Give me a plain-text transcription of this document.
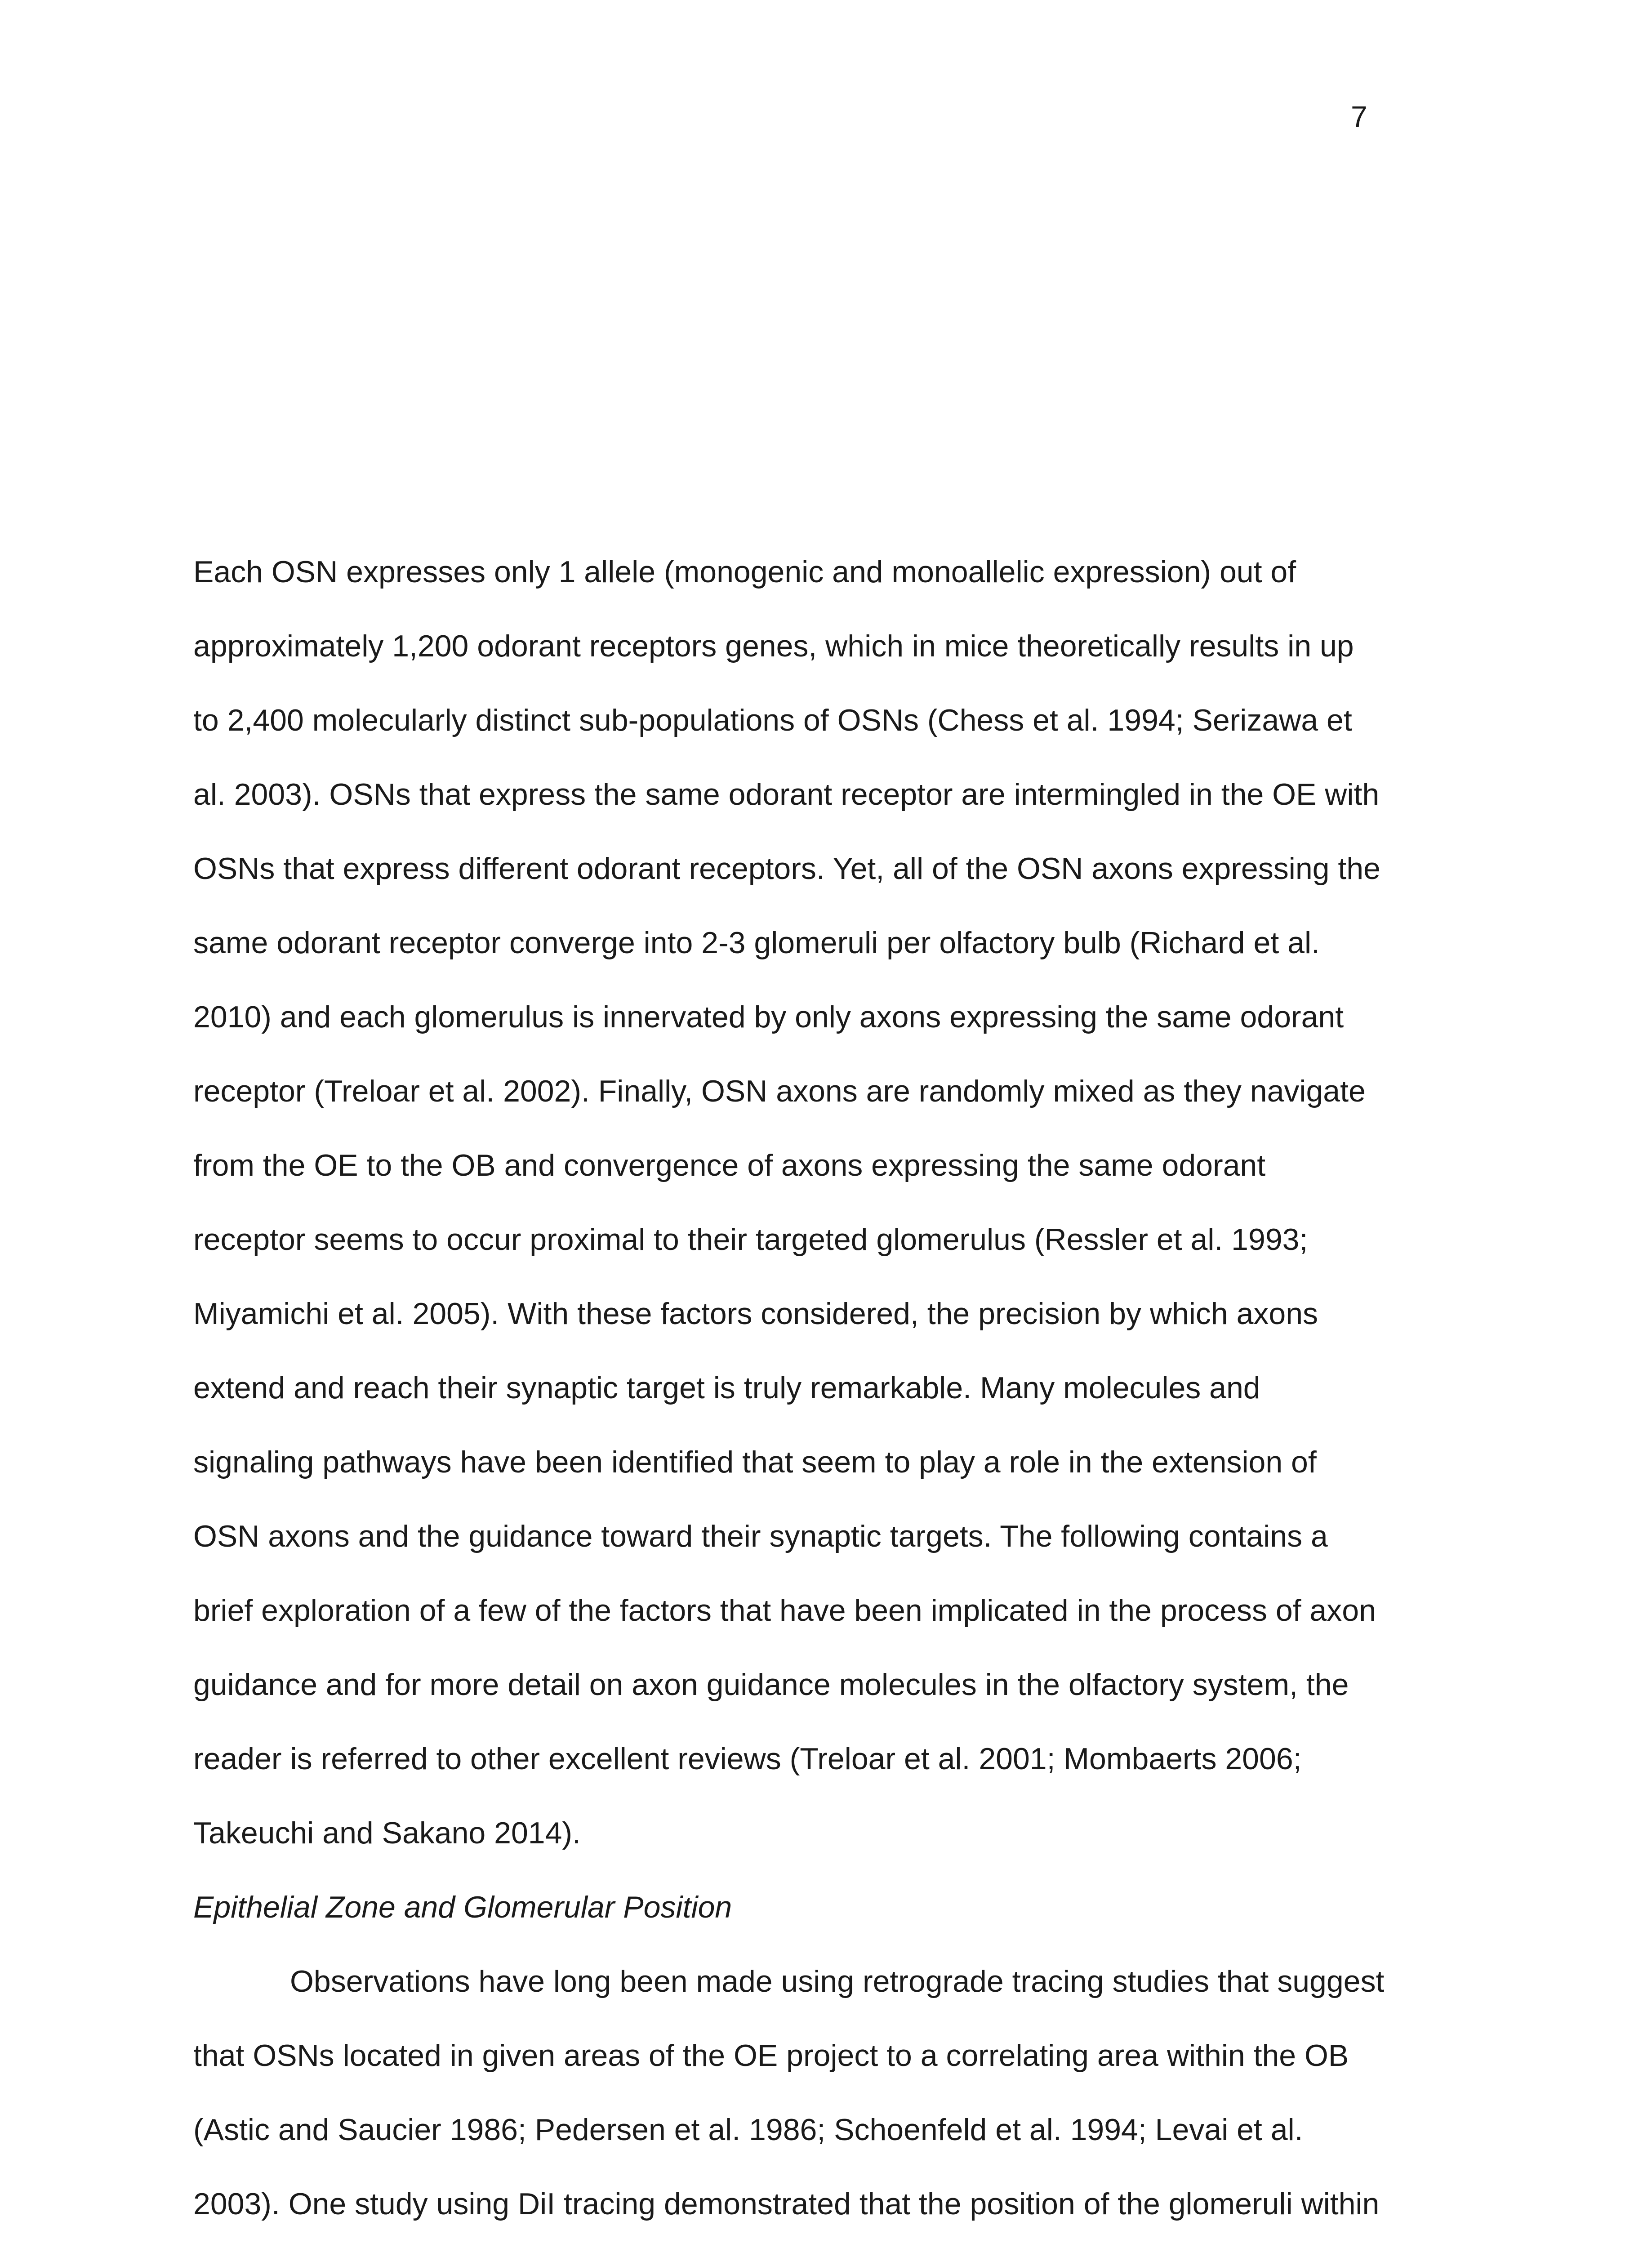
7
Each OSN expresses only 1 allele (monogenic and monoallelic expression) out of
approximately 1,200 odorant receptors genes, which in mice theoretically results in up
to 2,400 molecularly distinct sub-populations of OSNs (Chess et al. 1994; Serizawa et
al. 2003). OSNs that express the same odorant receptor are intermingled in the OE with
OSNs that express different odorant receptors. Yet, all of the OSN axons expressing the
same odorant receptor converge into 2-3 glomeruli per olfactory bulb (Richard et al.
2010) and each glomerulus is innervated by only axons expressing the same odorant
receptor (Treloar et al. 2002). Finally, OSN axons are randomly mixed as they navigate
from the OE to the OB and convergence of axons expressing the same odorant
receptor seems to occur proximal to their targeted glomerulus (Ressler et al. 1993;
Miyamichi et al. 2005). With these factors considered, the precision by which axons
extend and reach their synaptic target is truly remarkable. Many molecules and
signaling pathways have been identified that seem to play a role in the extension of
OSN axons and the guidance toward their synaptic targets. The following contains a
brief exploration of a few of the factors that have been implicated in the process of axon
guidance and for more detail on axon guidance molecules in the olfactory system, the
reader is referred to other excellent reviews (Treloar et al. 2001; Mombaerts 2006;
Takeuchi and Sakano 2014).
Epithelial Zone and Glomerular Position
Observations have long been made using retrograde tracing studies that suggest
that OSNs located in given areas of the OE project to a correlating area within the OB
(Astic and Saucier 1986; Pedersen et al. 1986; Schoenfeld et al. 1994; Levai et al.
2003). One study using DiI tracing demonstrated that the position of the glomeruli within
